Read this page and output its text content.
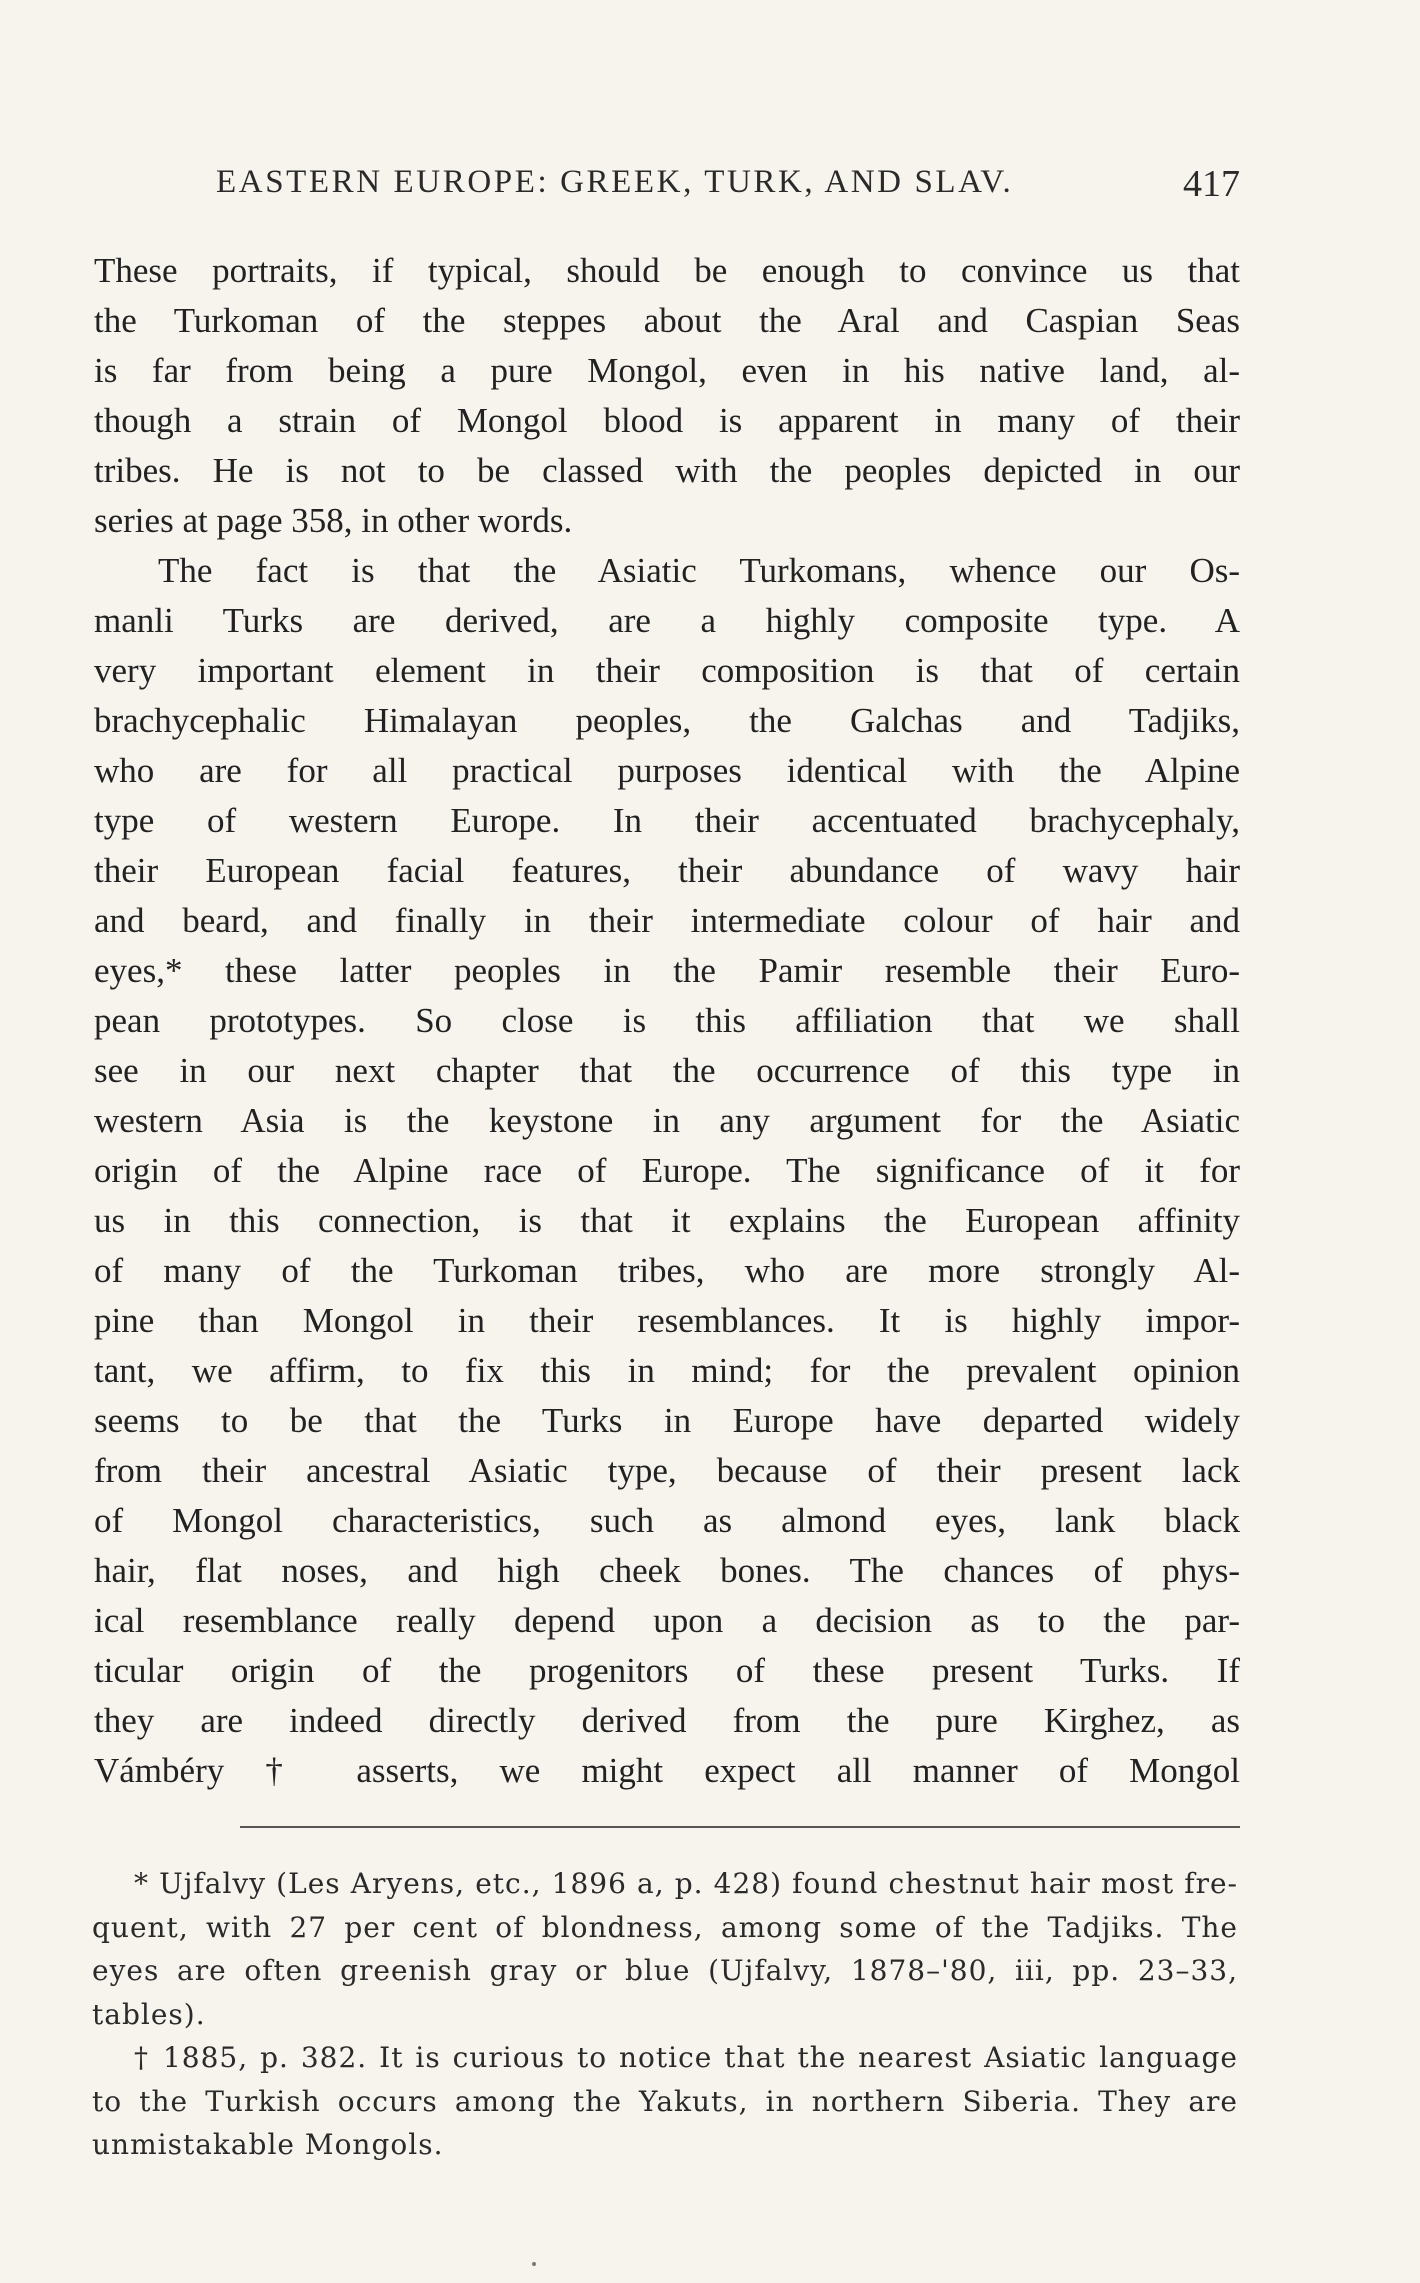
EASTERN EUROPE: GREEK, TURK, AND SLAV.	417
These portraits, if typical, should be enough to convince us that
the Turkoman of the steppes about the Aral and Caspian Seas
is far from being a pure Mongol, even in his native land, al-
though a strain of Mongol blood is apparent in many of their
tribes. He is not to be classed with the peoples depicted in our
series at page 358, in other words.
The fact is that the Asiatic Turkomans, whence our Os-
manli Turks are derived, are a highly composite type. A
very important element in their composition is that of certain
brachycephalic Himalayan peoples, the Galchas and Tadjiks,
who are for all practical purposes identical with the Alpine
type of western Europe. In their accentuated brachycephaly,
their European facial features, their abundance of wavy hair
and beard, and finally in their intermediate colour of hair and
eyes,* these latter peoples in the Pamir resemble their Euro-
pean prototypes. So close is this affiliation that we shall
see in our next chapter that the occurrence of this type in
western Asia is the keystone in any argument for the Asiatic
origin of the Alpine race of Europe. The significance of it for
us in this connection, is that it explains the European affinity
of many of the Turkoman tribes, who are more strongly Al-
pine than Mongol in their resemblances. It is highly impor-
tant, we affirm, to fix this in mind; for the prevalent opinion
seems to be that the Turks in Europe have departed widely
from their ancestral Asiatic type, because of their present lack
of Mongol characteristics, such as almond eyes, lank black
hair, flat noses, and high cheek bones. The chances of phys-
ical resemblance really depend upon a decision as to the par-
ticular origin of the progenitors of these present Turks. If
they are indeed directly derived from the pure Kirghez, as
Vámbéry † asserts, we might expect all manner of Mongol
* Ujfalvy (Les Aryens, etc., 1896 a, p. 428) found chestnut hair most fre-
quent, with 27 per cent of blondness, among some of the Tadjiks. The
eyes are often greenish gray or blue (Ujfalvy, 1878–'80, iii, pp. 23–33,
tables).
† 1885, p. 382. It is curious to notice that the nearest Asiatic language
to the Turkish occurs among the Yakuts, in northern Siberia. They are
unmistakable Mongols.
